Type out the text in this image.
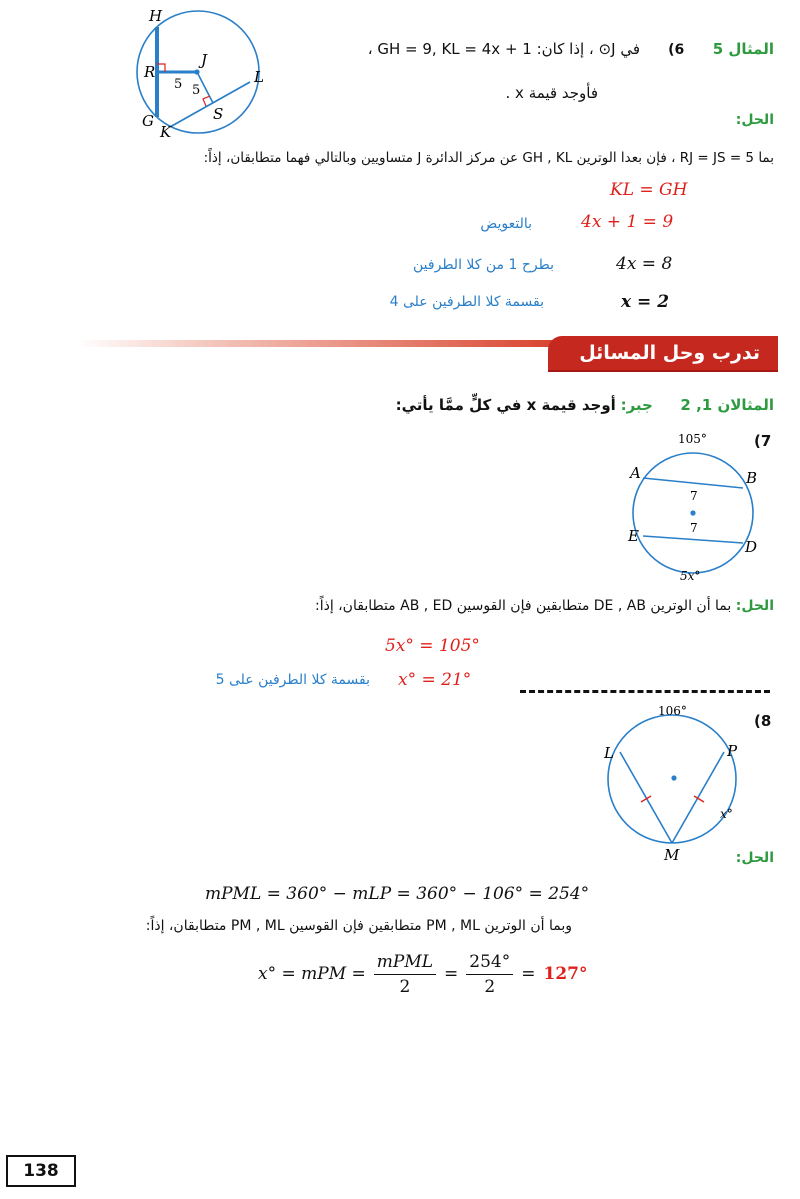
H
R
J
L
S
G
K
5 5
المثال 5 6)
في J⊙ ، إذا كان: GH = 9, KL = 4x + 1 ،
فأوجد قيمة x .
الحل:
بما RJ = JS = 5 ، فإن بعدا الوترين GH , KL عن مركز الدائرة J متساويين وبالتالي فهما متطابقان، إذاً:
KL = GH
4x + 1 = 9
بالتعويض
4x = 8
بطرح 1 من كلا الطرفين
x = 2
بقسمة كلا الطرفين على 4
تدرب وحل المسائل
المثالان 1, 2  جبر: أوجد قيمة x في كلٍّ ممَّا يأتي:
(7
105°
A	B
E
D
7
7
5x°
الحل: بما أن الوترين DE , AB متطابقين فإن القوسين AB , ED متطابقان، إذاً:
5x° = 105°
x° = 21°
بقسمة كلا الطرفين على 5
(8
106°
L	P
M
x°
الحل:
mPML = 360° − mLP = 360° − 106° = 254°
وبما أن الوترين PM , ML متطابقين فإن القوسين PM , ML متطابقان، إذاً:
x° = mPM =
mPML
2
= $\frac{254^\circ}{2} = 127^\circ$
138
